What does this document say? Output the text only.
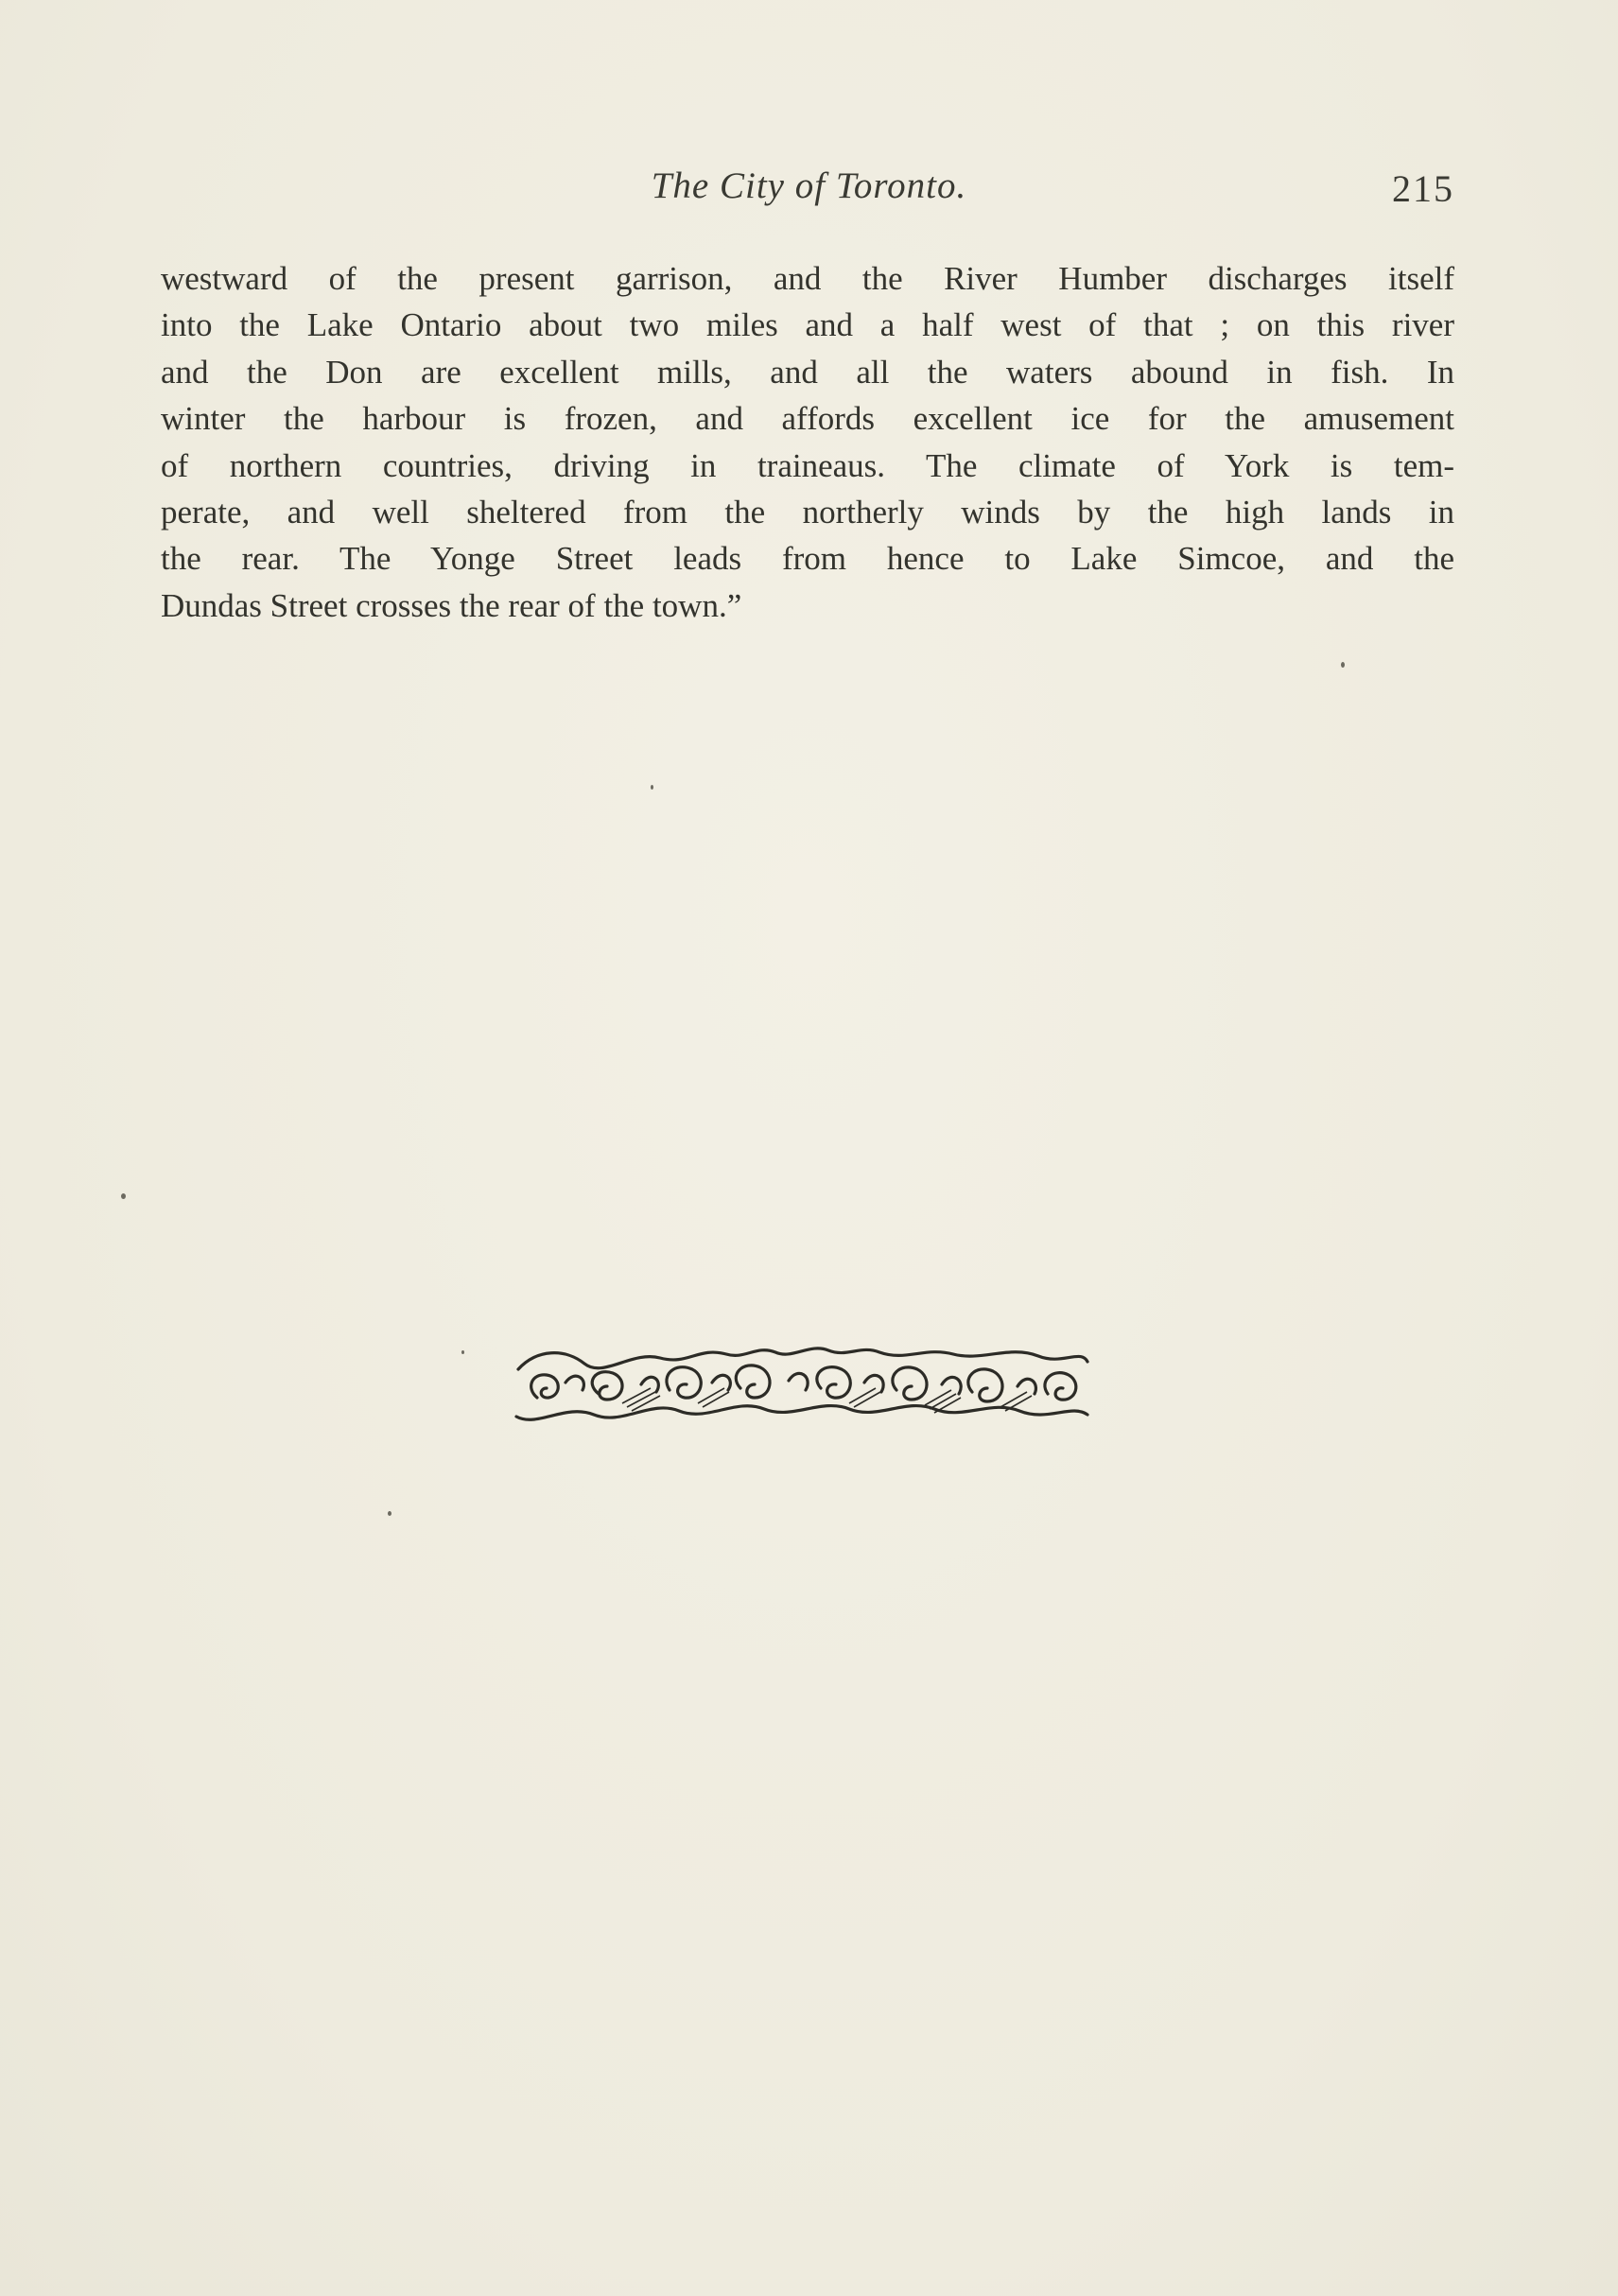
The City of Toronto.	215
westward of the present garrison, and the River Humber discharges itself
into the Lake Ontario about two miles and a half west of that ; on this river
and the Don are excellent mills, and all the waters abound in fish. In
winter the harbour is frozen, and affords excellent ice for the amusement
of northern countries, driving in traineaus. The climate of York is tem-
perate, and well sheltered from the northerly winds by the high lands in
the rear. The Yonge Street leads from hence to Lake Simcoe, and the
Dundas Street crosses the rear of the town.”
